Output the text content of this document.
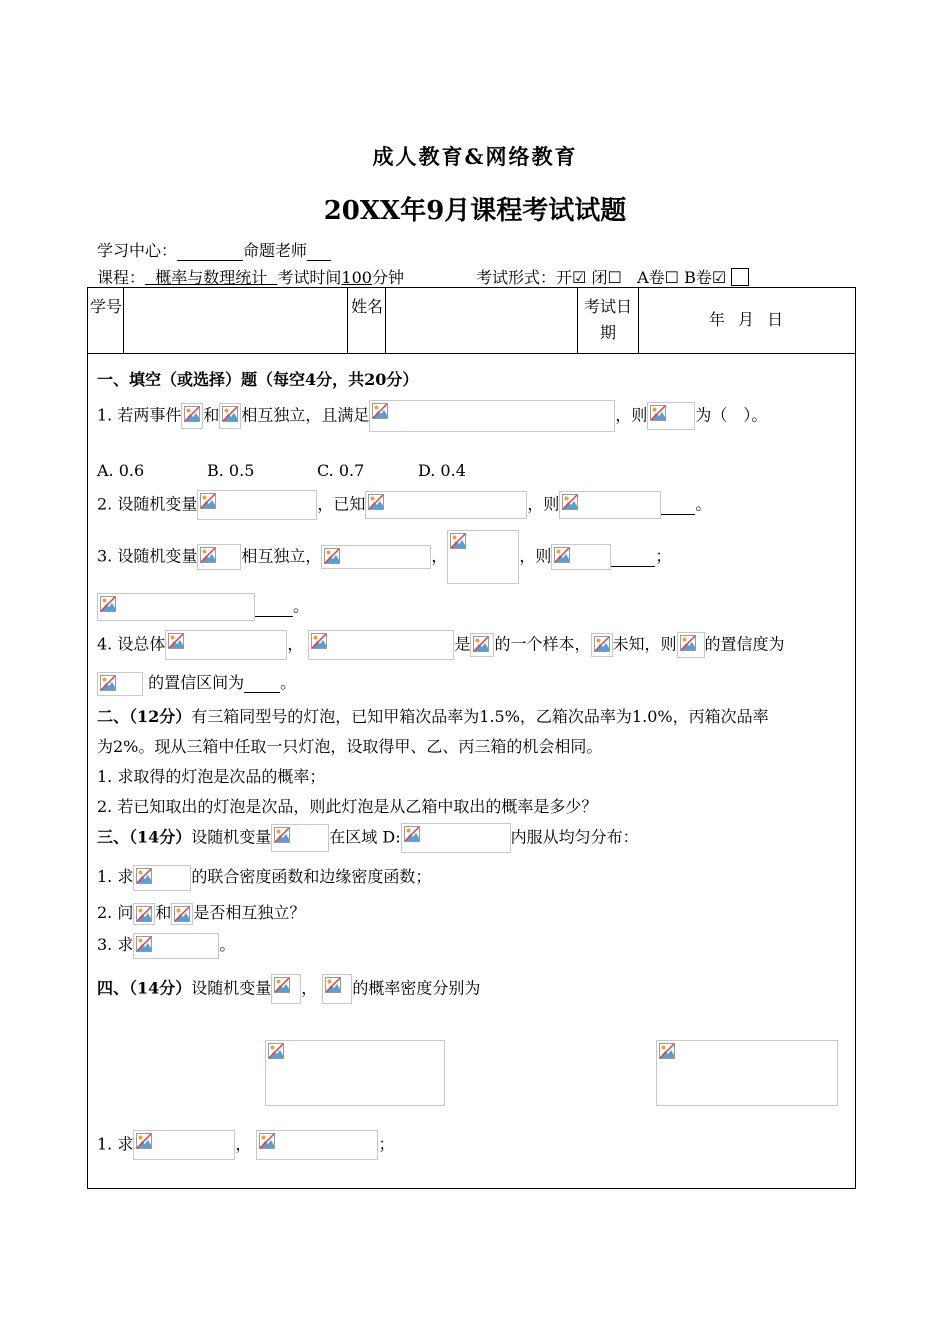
成人教育&网络教育
20XX年9月课程考试试题
学习中心：	命题老师
课程： 概率与数理统计 考试时间100分钟	考试形式：开☑ 闭☐ A卷☐ B卷☑
学号	姓名	考试日期
年 月 日
一、填空（或选择）题（每空4分，共20分）
1. 若两事件 和 相互独立，且满足	，则	为（　）。
A. 0.6	B. 0.5	C. 0.7	D. 0.4
2. 设随机变量	，已知	，则	。
3. 设随机变量	相互独立，	，	，则	；
。
4. 设总体	，	是 的一个样本， 未知，则 的置信度为
的置信区间为 。
二、（12分）有三箱同型号的灯泡，已知甲箱次品率为1.5%，乙箱次品率为1.0%，丙箱次品率
为2%。现从三箱中任取一只灯泡，设取得甲、乙、丙三箱的机会相同。
1. 求取得的灯泡是次品的概率；
2. 若已知取出的灯泡是次品，则此灯泡是从乙箱中取出的概率是多少？
三、（14分）设随机变量	在区域 D:	内服从均匀分布：
1. 求	的联合密度函数和边缘密度函数；
2. 问 和 是否相互独立？
3. 求	。
四、（14分）设随机变量 ， 的概率密度分别为

1. 求	，	；
